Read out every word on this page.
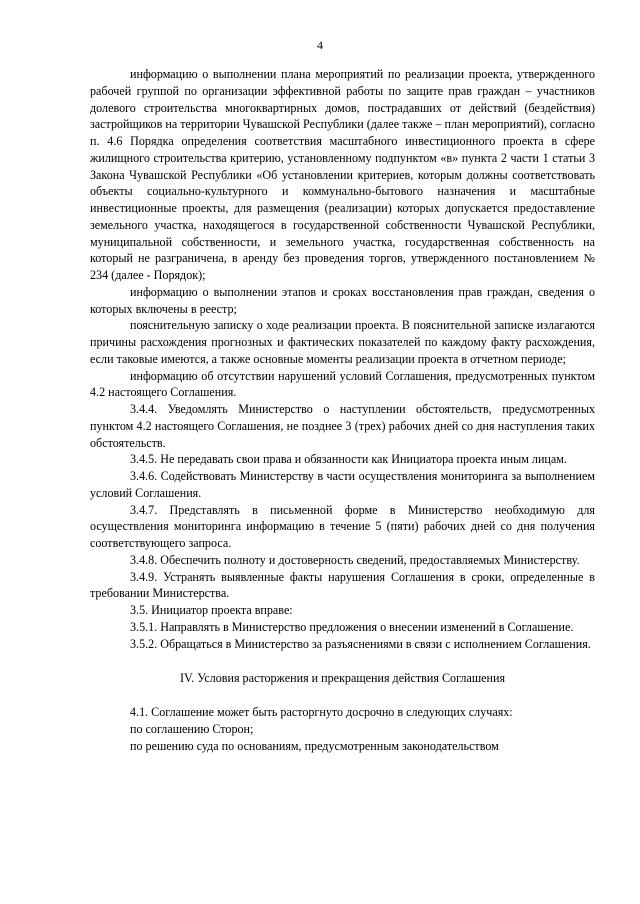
4

информацию о выполнении плана мероприятий по реализации проекта, утвержденного рабочей группой по организации эффективной работы по защите прав граждан – участников долевого строительства многоквартирных домов, пострадавших от действий (бездействия) застройщиков на территории Чувашской Республики (далее также – план мероприятий), согласно п. 4.6 Порядка определения соответствия масштабного инвестиционного проекта в сфере жилищного строительства критерию, установленному подпунктом «в» пункта 2 части 1 статьи 3 Закона Чувашской Республики «Об установлении критериев, которым должны соответствовать объекты социально-культурного и коммунально-бытового назначения и масштабные инвестиционные проекты, для размещения (реализации) которых допускается предоставление земельного участка, находящегося в государственной собственности Чувашской Республики, муниципальной собственности, и земельного участка, государственная собственность на который не разграничена, в аренду без проведения торгов, утвержденного постановлением № 234 (далее - Порядок);

информацию о выполнении этапов и сроках восстановления прав граждан, сведения о которых включены в реестр;

пояснительную записку о ходе реализации проекта. В пояснительной записке излагаются причины расхождения прогнозных и фактических показателей по каждому факту расхождения, если таковые имеются, а также основные моменты реализации проекта в отчетном периоде;

информацию об отсутствии нарушений условий Соглашения, предусмотренных пунктом 4.2 настоящего Соглашения.

3.4.4. Уведомлять Министерство о наступлении обстоятельств, предусмотренных пунктом 4.2 настоящего Соглашения, не позднее 3 (трех) рабочих дней со дня наступления таких обстоятельств.

3.4.5. Не передавать свои права и обязанности как Инициатора проекта иным лицам.

3.4.6. Содействовать Министерству в части осуществления мониторинга за выполнением условий Соглашения.

3.4.7. Представлять в письменной форме в Министерство необходимую для осуществления мониторинга информацию в течение 5 (пяти) рабочих дней со дня получения соответствующего запроса.

3.4.8. Обеспечить полноту и достоверность сведений, предоставляемых Министерству.

3.4.9. Устранять выявленные факты нарушения Соглашения в сроки, определенные в требовании Министерства.

3.5. Инициатор проекта вправе:

3.5.1. Направлять в Министерство предложения о внесении изменений в Соглашение.

3.5.2. Обращаться в Министерство за разъяснениями в связи с исполнением Соглашения.

IV. Условия расторжения и прекращения действия Соглашения

4.1. Соглашение может быть расторгнуто досрочно в следующих случаях:

по соглашению Сторон;

по решению суда по основаниям, предусмотренным законодательством
